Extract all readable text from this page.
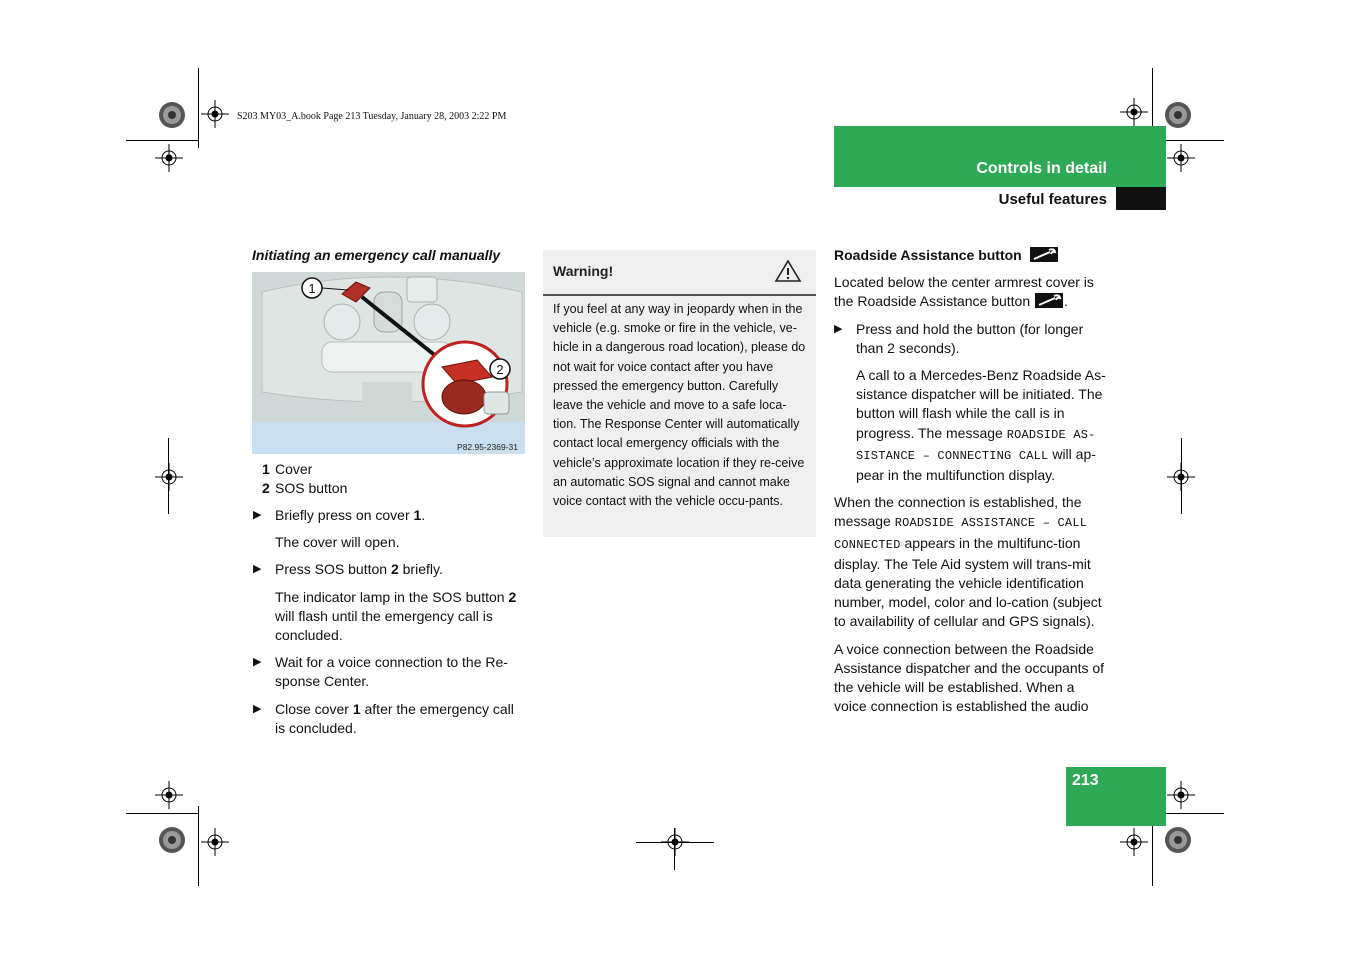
S203 MY03_A.book Page 213 Tuesday, January 28, 2003 2:22 PM
Controls in detail
Useful features
Initiating an emergency call manually
1
2
P82.95-2369-31
1 Cover
2 SOS button

▶ Briefly press on cover 1.

The cover will open.

▶ Press SOS button 2 briefly.

The indicator lamp in the SOS button 2 will flash until the emergency call is concluded.

▶ Wait for a voice connection to the Re-sponse Center.

▶ Close cover 1 after the emergency call is concluded.

Warning!
If you feel at any way in jeopardy when in the vehicle (e.g. smoke or fire in the vehicle, ve-hicle in a dangerous road location), please do not wait for voice contact after you have pressed the emergency button. Carefully leave the vehicle and move to a safe loca-tion. The Response Center will automatically contact local emergency officials with the vehicle’s approximate location if they re-ceive an automatic SOS signal and cannot make voice contact with the vehicle occu-pants.

Roadside Assistance button

Located below the center armrest cover is the Roadside Assistance button .

▶ Press and hold the button (for longer than 2 seconds).

A call to a Mercedes-Benz Roadside As-sistance dispatcher will be initiated. The button will flash while the call is in progress. The message ROADSIDE AS-SISTANCE – CONNECTING CALL will ap-pear in the multifunction display.

When the connection is established, the message ROADSIDE ASSISTANCE – CALL CONNECTED appears in the multifunc-tion display. The Tele Aid system will trans-mit data generating the vehicle identification number, model, color and lo-cation (subject to availability of cellular and GPS signals).

A voice connection between the Roadside Assistance dispatcher and the occupants of the vehicle will be established. When a voice connection is established the audio

213
